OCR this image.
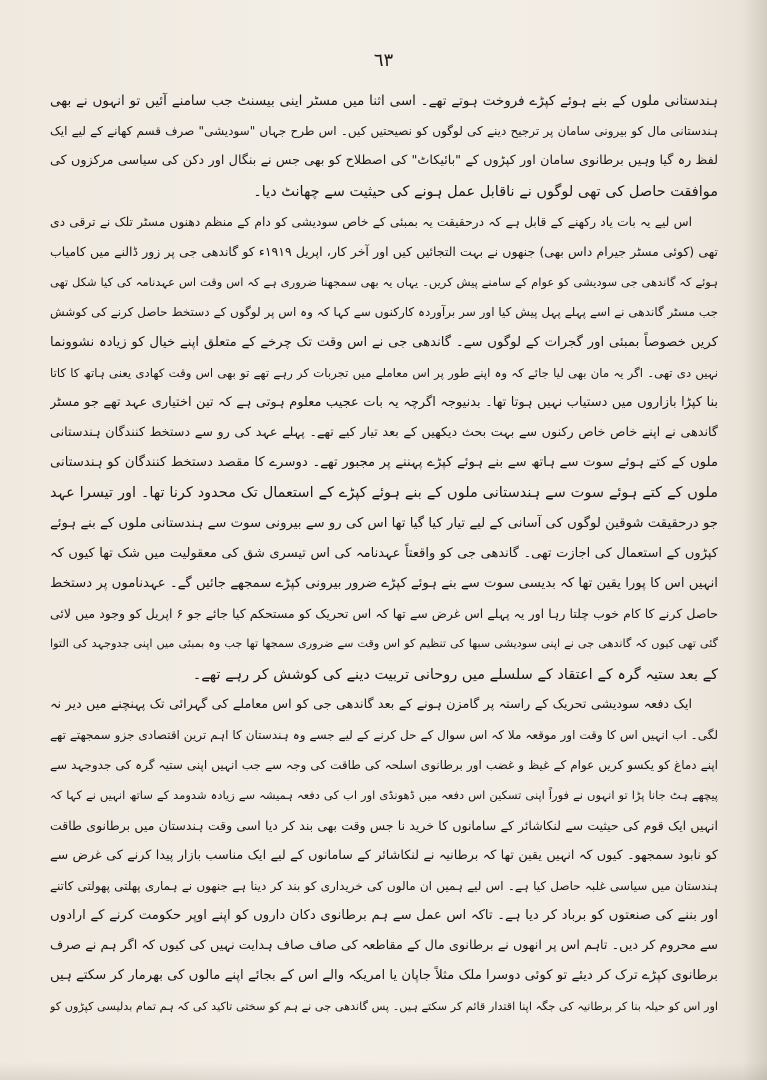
٦٣
ہندستانی ملوں کے بنے ہوئے کپڑے فروخت ہوتے تھے۔ اسی اثنا میں مسٹر اینی بیسنٹ جب سامنے آئیں تو انہوں نے بھی
ہندستانی مال کو بیرونی سامان پر ترجیح دینے کی لوگوں کو نصیحتیں کیں۔ اس طرح جہاں "سودیشی" صرف قسم کھانے کے لیے ایک
لفظ رہ گیا وہیں برطانوی سامان اور کپڑوں کے "بائیکاٹ" کی اصطلاح کو بھی جس نے بنگال اور دکن کی سیاسی مرکزوں کی
موافقت حاصل کی تھی لوگوں نے ناقابل عمل ہونے کی حیثیت سے چھانٹ دیا۔
اس لیے یہ بات یاد رکھنے کے قابل ہے کہ درحقیقت یہ بمبئی کے خاص سودیشی کو دام کے منظم دھنوں مسٹر تلک نے ترقی دی
تھی (کوئی مسٹر جیرام داس بھی) جنھوں نے بہت التجائیں کیں اور آخر کار، اپریل ۱۹۱۹ء کو گاندھی جی پر زور ڈالنے میں کامیاب
ہوئے کہ گاندھی جی سودیشی کو عوام کے سامنے پیش کریں۔ یہاں یہ بھی سمجھنا ضروری ہے کہ اس وقت اس عہدنامہ کی کیا شکل تھی
جب مسٹر گاندھی نے اسے پہلے پہل پیش کیا اور سر برآوردہ کارکنوں سے کہا کہ وہ اس پر لوگوں کے دستخط حاصل کرنے کی کوشش
کریں خصوصاً بمبئی اور گجرات کے لوگوں سے۔ گاندھی جی نے اس وقت تک چرخے کے متعلق اپنے خیال کو زیادہ نشوونما
نہیں دی تھی۔ اگر یہ مان بھی لیا جائے کہ وہ اپنے طور پر اس معاملے میں تجربات کر رہے تھے تو بھی اس وقت کھادی یعنی ہاتھ کا کاتا
بنا کپڑا بازاروں میں دستیاب نہیں ہوتا تھا۔ بدنیوجہ اگرچہ یہ بات عجیب معلوم ہوتی ہے کہ تین اختیاری عہد تھے جو مسٹر
گاندھی نے اپنے خاص خاص رکنوں سے بہت بحث دیکھیں کے بعد تیار کیے تھے۔ پہلے عہد کی رو سے دستخط کنندگان ہندستانی
ملوں کے کتے ہوئے سوت سے ہاتھ سے بنے ہوئے کپڑے پہننے پر مجبور تھے۔ دوسرے کا مقصد دستخط کنندگان کو ہندستانی
ملوں کے کتے ہوئے سوت سے ہندستانی ملوں کے بنے ہوئے کپڑے کے استعمال تک محدود کرنا تھا۔ اور تیسرا عہد
جو درحقیقت شوقین لوگوں کی آسانی کے لیے تیار کیا گیا تھا اس کی رو سے بیرونی سوت سے ہندستانی ملوں کے بنے ہوئے
کپڑوں کے استعمال کی اجازت تھی۔ گاندھی جی کو واقعتاً عہدنامہ کی اس تیسری شق کی معقولیت میں شک تھا کیوں کہ
انہیں اس کا پورا یقین تھا کہ بدیسی سوت سے بنے ہوئے کپڑے ضرور بیرونی کپڑے سمجھے جائیں گے۔ عہدناموں پر دستخط
حاصل کرنے کا کام خوب چلتا رہا اور یہ پہلے اس غرض سے تھا کہ اس تحریک کو مستحکم کیا جائے جو ۶ اپریل کو وجود میں لائی
گئی تھی کیوں کہ گاندھی جی نے اپنی سودیشی سبھا کی تنظیم کو اس وقت سے ضروری سمجھا تھا جب وہ بمبئی میں اپنی جدوجہد کی التوا
کے بعد ستیہ گرہ کے اعتقاد کے سلسلے میں روحانی تربیت دینے کی کوشش کر رہے تھے۔
ایک دفعہ سودیشی تحریک کے راستہ پر گامزن ہونے کے بعد گاندھی جی کو اس معاملے کی گہرائی تک پہنچنے میں دیر نہ
لگی۔ اب انہیں اس کا وقت اور موقعہ ملا کہ اس سوال کے حل کرنے کے لیے جسے وہ ہندستان کا اہم ترین اقتصادی جزو سمجھتے تھے
اپنے دماغ کو یکسو کریں عوام کے غیظ و غضب اور برطانوی اسلحہ کی طاقت کی وجہ سے جب انہیں اپنی ستیہ گرہ کی جدوجہد سے
پیچھے ہٹ جانا پڑا تو انہوں نے فوراً اپنی تسکین اس دفعہ میں ڈھونڈی اور اب کی دفعہ ہمیشہ سے زیادہ شدومد کے ساتھ انہیں نے کہا کہ
انہیں ایک قوم کی حیثیت سے لنکاشائر کے سامانوں کا خرید نا جس وقت بھی بند کر دیا اسی وقت ہندستان میں برطانوی طاقت
کو نابود سمجھو۔ کیوں کہ انہیں یقین تھا کہ برطانیہ نے لنکاشائر کے سامانوں کے لیے ایک مناسب بازار پیدا کرنے کی غرض سے
ہندستان میں سیاسی غلبہ حاصل کیا ہے۔ اس لیے ہمیں ان مالوں کی خریداری کو بند کر دینا ہے جنھوں نے ہماری پھلتی پھولتی کاتنے
اور بننے کی صنعتوں کو برباد کر دیا ہے۔ تاکہ اس عمل سے ہم برطانوی دکان داروں کو اپنے اوپر حکومت کرنے کے ارادوں
سے محروم کر دیں۔ تاہم اس پر انھوں نے برطانوی مال کے مقاطعہ کی صاف صاف ہدایت نہیں کی کیوں کہ اگر ہم نے صرف
برطانوی کپڑے ترک کر دیئے تو کوئی دوسرا ملک مثلاً جاپان یا امریکہ والے اس کے بجائے اپنے مالوں کی بھرمار کر سکتے ہیں
اور اس کو حیلہ بنا کر برطانیہ کی جگہ اپنا اقتدار قائم کر سکتے ہیں۔ پس گاندھی جی نے ہم کو سختی تاکید کی کہ ہم تمام بدلیسی کپڑوں کو
